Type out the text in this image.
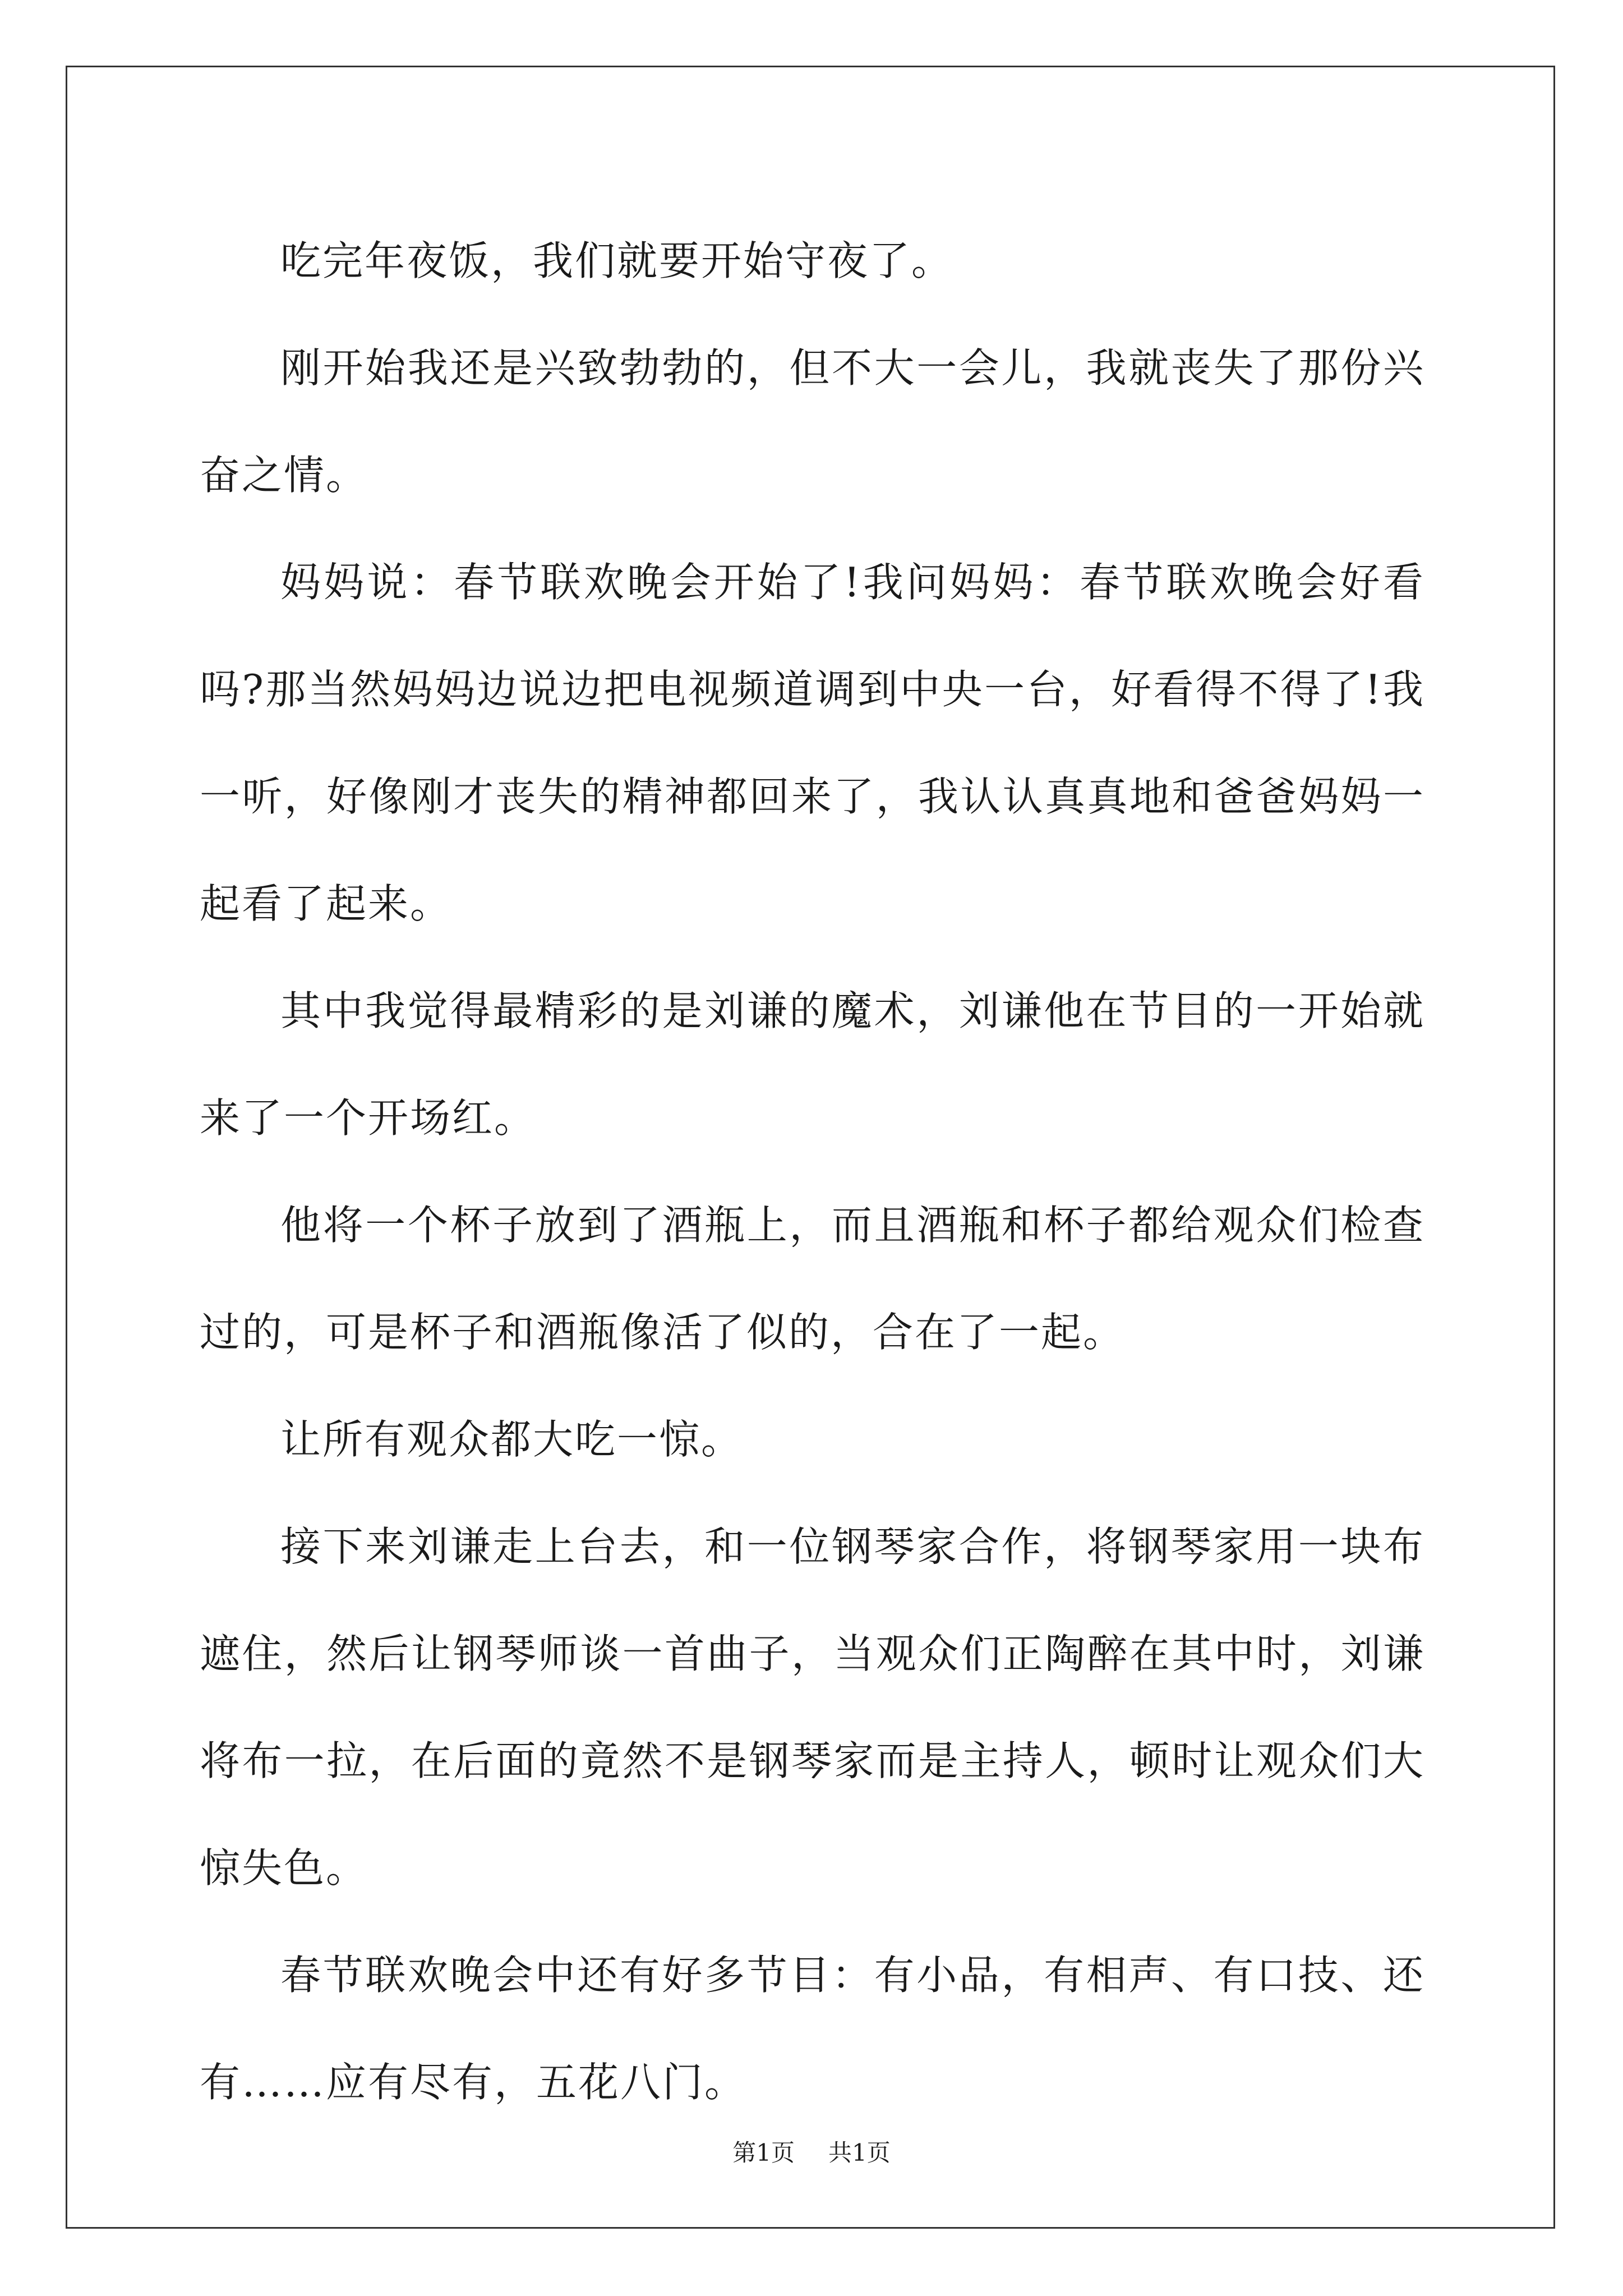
吃完年夜饭，我们就要开始守夜了。

刚开始我还是兴致勃勃的，但不大一会儿，我就丧失了那份兴奋之情。

妈妈说：春节联欢晚会开始了!我问妈妈：春节联欢晚会好看吗?那当然妈妈边说边把电视频道调到中央一台，好看得不得了!我一听，好像刚才丧失的精神都回来了，我认认真真地和爸爸妈妈一起看了起来。

其中我觉得最精彩的是刘谦的魔术，刘谦他在节目的一开始就来了一个开场红。

他将一个杯子放到了酒瓶上，而且酒瓶和杯子都给观众们检查过的，可是杯子和酒瓶像活了似的，合在了一起。

让所有观众都大吃一惊。

接下来刘谦走上台去，和一位钢琴家合作，将钢琴家用一块布遮住，然后让钢琴师谈一首曲子，当观众们正陶醉在其中时，刘谦将布一拉，在后面的竟然不是钢琴家而是主持人，顿时让观众们大惊失色。

春节联欢晚会中还有好多节目：有小品，有相声、有口技、还有……应有尽有，五花八门。

第1页 共1页
